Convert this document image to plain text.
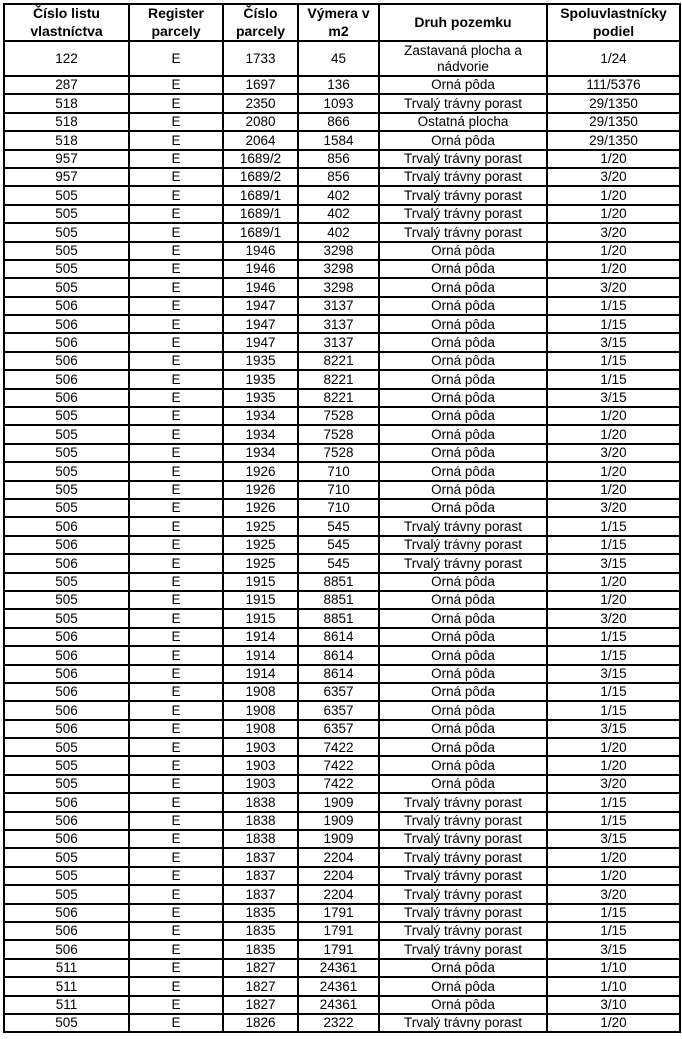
Číslo listu vlastníctva	Register parcely	Číslo parcely	Výmera v m2	Druh pozemku	Spoluvlastnícky podiel
122	E	1733	45	Zastavaná plocha a nádvorie	1/24
287	E	1697	136	Orná pôda	111/5376
518	E	2350	1093	Trvalý trávny porast	29/1350
518	E	2080	866	Ostatná plocha	29/1350
518	E	2064	1584	Orná pôda	29/1350
957	E	1689/2	856	Trvalý trávny porast	1/20
957	E	1689/2	856	Trvalý trávny porast	3/20
505	E	1689/1	402	Trvalý trávny porast	1/20
505	E	1689/1	402	Trvalý trávny porast	1/20
505	E	1689/1	402	Trvalý trávny porast	3/20
505	E	1946	3298	Orná pôda	1/20
505	E	1946	3298	Orná pôda	1/20
505	E	1946	3298	Orná pôda	3/20
506	E	1947	3137	Orná pôda	1/15
506	E	1947	3137	Orná pôda	1/15
506	E	1947	3137	Orná pôda	3/15
506	E	1935	8221	Orná pôda	1/15
506	E	1935	8221	Orná pôda	1/15
506	E	1935	8221	Orná pôda	3/15
505	E	1934	7528	Orná pôda	1/20
505	E	1934	7528	Orná pôda	1/20
505	E	1934	7528	Orná pôda	3/20
505	E	1926	710	Orná pôda	1/20
505	E	1926	710	Orná pôda	1/20
505	E	1926	710	Orná pôda	3/20
506	E	1925	545	Trvalý trávny porast	1/15
506	E	1925	545	Trvalý trávny porast	1/15
506	E	1925	545	Trvalý trávny porast	3/15
505	E	1915	8851	Orná pôda	1/20
505	E	1915	8851	Orná pôda	1/20
505	E	1915	8851	Orná pôda	3/20
506	E	1914	8614	Orná pôda	1/15
506	E	1914	8614	Orná pôda	1/15
506	E	1914	8614	Orná pôda	3/15
506	E	1908	6357	Orná pôda	1/15
506	E	1908	6357	Orná pôda	1/15
506	E	1908	6357	Orná pôda	3/15
505	E	1903	7422	Orná pôda	1/20
505	E	1903	7422	Orná pôda	1/20
505	E	1903	7422	Orná pôda	3/20
506	E	1838	1909	Trvalý trávny porast	1/15
506	E	1838	1909	Trvalý trávny porast	1/15
506	E	1838	1909	Trvalý trávny porast	3/15
505	E	1837	2204	Trvalý trávny porast	1/20
505	E	1837	2204	Trvalý trávny porast	1/20
505	E	1837	2204	Trvalý trávny porast	3/20
506	E	1835	1791	Trvalý trávny porast	1/15
506	E	1835	1791	Trvalý trávny porast	1/15
506	E	1835	1791	Trvalý trávny porast	3/15
511	E	1827	24361	Orná pôda	1/10
511	E	1827	24361	Orná pôda	1/10
511	E	1827	24361	Orná pôda	3/10
505	E	1826	2322	Trvalý trávny porast	1/20
